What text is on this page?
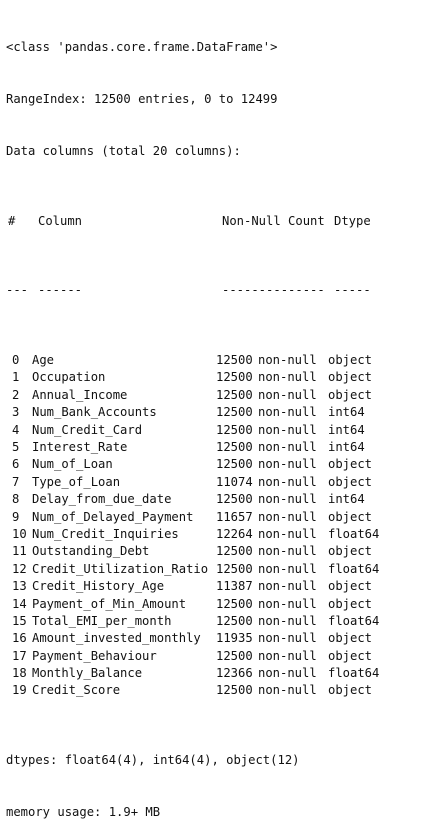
<class 'pandas.core.frame.DataFrame'>

RangeIndex: 12500 entries, 0 to 12499

Data columns (total 20 columns):

#	Column	Non-Null Count Dtype

--- ------	-------------- -----

0	Age	12500 non-null object
1	Occupation	12500 non-null object
2	Annual_Income	12500 non-null object
3	Num_Bank_Accounts	12500 non-null int64
4	Num_Credit_Card	12500 non-null int64
5	Interest_Rate	12500 non-null int64
6	Num_of_Loan	12500 non-null object
7	Type_of_Loan	11074 non-null object
8	Delay_from_due_date	12500 non-null int64
9	Num_of_Delayed_Payment	11657 non-null object
10 Num_Credit_Inquiries	12264 non-null float64
11 Outstanding_Debt	12500 non-null object
12 Credit_Utilization_Ratio 12500 non-null float64
13 Credit_History_Age	11387 non-null object
14 Payment_of_Min_Amount	12500 non-null object
15 Total_EMI_per_month	12500 non-null float64
16 Amount_invested_monthly	11935 non-null object
17 Payment_Behaviour	12500 non-null object
18 Monthly_Balance	12366 non-null float64
19 Credit_Score	12500 non-null object

dtypes: float64(4), int64(4), object(12)

memory usage: 1.9+ MB
